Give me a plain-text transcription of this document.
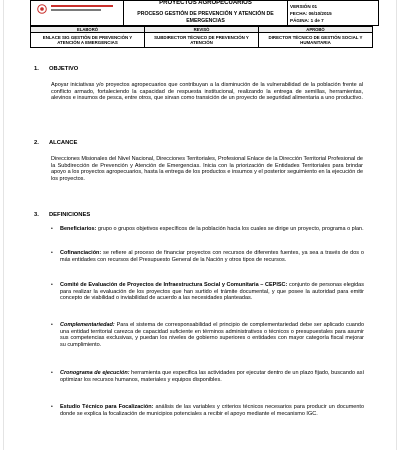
PROYECTOS AGROPECUARIOS
PROCESO GESTIÓN DE PREVENCIÓN Y ATENCIÓN DE EMERGENCIAS

VERSIÓN 01
FECHA: 06/10/2015
PÁGINA: 1 de 7
ELABORÓ	REVISÓ	APROBÓ
ENLACE SIG GESTIÓN DE PREVENCIÓN Y ATENCIÓN A EMERGENCIAS	SUBDIRECTOR TÉCNICO DE PREVENCIÓN Y ATENCIÓN	DIRECTOR TÉCNICO DE GESTIÓN SOCIAL Y HUMANITARIA
1. OBJETIVO
Apoyar iniciativas y/o proyectos agropecuarios que contribuyan a la disminución de la vulnerabilidad de la población frente al conflicto armado, fortaleciendo la capacidad de respuesta institucional, realizando la entrega de semillas, herramientas, alevinos e insumos de pesca, entre otros, que sirvan como transición de un proyecto de seguridad alimentaria a uno productivo.
2. ALCANCE
Direcciones Misionales del Nivel Nacional, Direcciones Territoriales, Profesional Enlace de la Dirección Territorial Profesional de la Subdirección de Prevención y Atención de Emergencias. Inicia con la priorización de Entidades Territoriales para brindar apoyo a los proyectos agropecuarios, hasta la entrega de los productos e insumos y el posterior seguimiento en la ejecución de los proyectos.
3. DEFINICIONES
• Beneficiarios: grupo o grupos objetivos específicos de la población hacia los cuales se dirige un proyecto, programa o plan.
• Cofinanciación: se refiere al proceso de financiar proyectos con recursos de diferentes fuentes, ya sea a través de dos o más entidades con recursos del Presupuesto General de la Nación y otros tipos de recursos.
• Comité de Evaluación de Proyectos de Infraestructura Social y Comunitaria – CEPISC: conjunto de personas elegidas para realizar la evaluación de los proyectos que han surtido el trámite documental, y que posee la autoridad para emitir concepto de viabilidad o inviabilidad de acuerdo a las necesidades planteadas.
• Complementariedad: Para el sistema de corresponsabilidad el principio de complementariedad debe ser aplicado cuando una entidad territorial carezca de capacidad suficiente en términos administrativos o técnicos o presupuestales para asumir sus competencias exclusivas, y puedan los niveles de gobierno superiores o entidades con mayor categoría fiscal mejorar su cumplimiento.
• Cronograma de ejecución: herramienta que especifica las actividades por ejecutar dentro de un plazo fijado, buscando así optimizar los recursos humanos, materiales y equipos disponibles.
• Estudio Técnico para Focalización: análisis de las variables y criterios técnicos necesarios para producir un documento donde se explica la focalización de municipios potenciales a recibir el apoyo mediante el mecanismo IGC.
